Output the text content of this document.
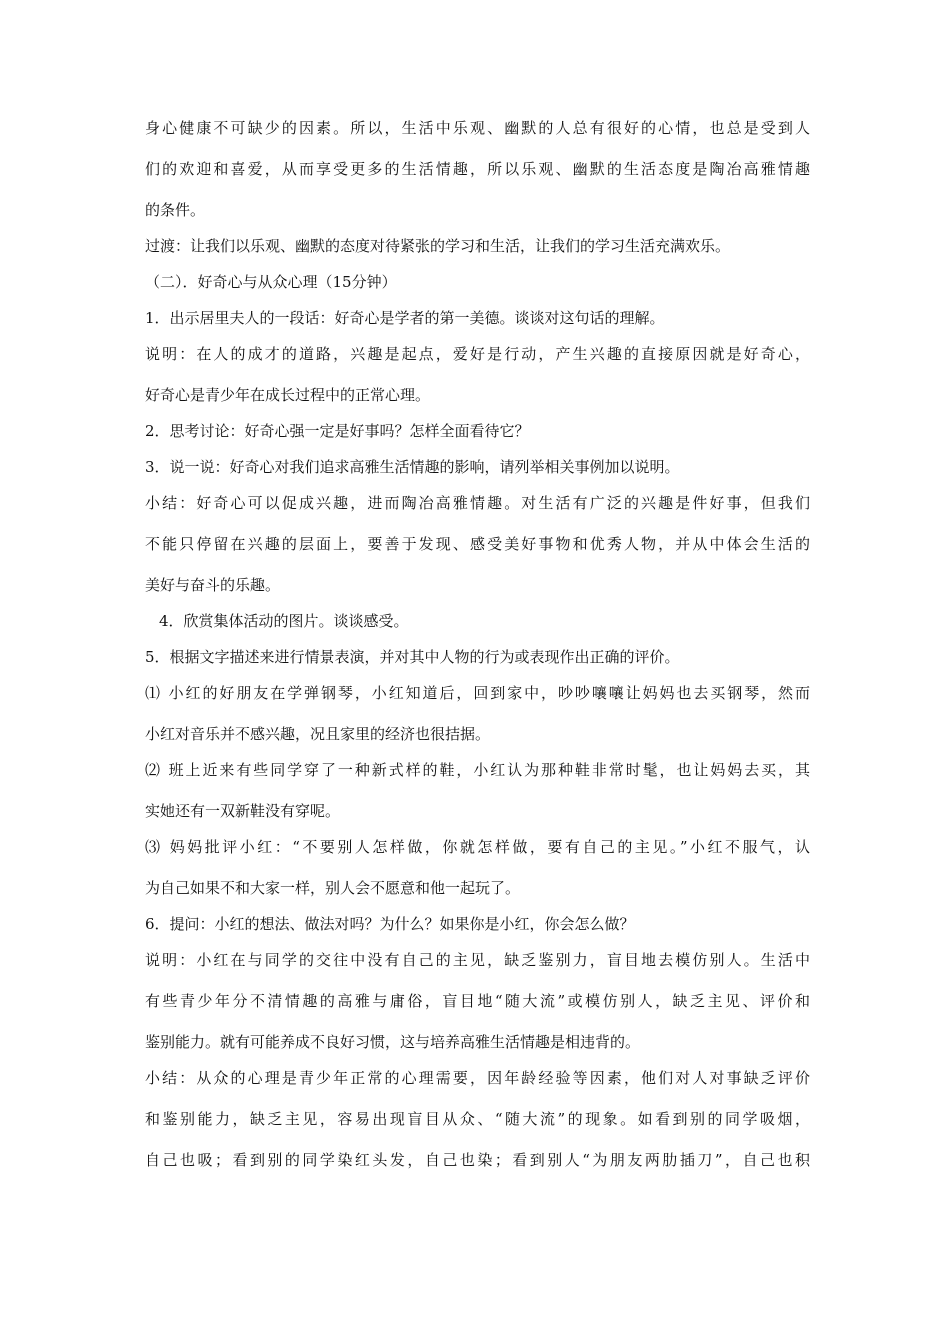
身心健康不可缺少的因素。所以，生活中乐观、幽默的人总有很好的心情，也总是受到人
们的欢迎和喜爱，从而享受更多的生活情趣，所以乐观、幽默的生活态度是陶冶高雅情趣
的条件。
过渡：让我们以乐观、幽默的态度对待紧张的学习和生活，让我们的学习生活充满欢乐。
（二）．好奇心与从众心理（15分钟）
1．出示居里夫人的一段话：好奇心是学者的第一美德。谈谈对这句话的理解。
说明：在人的成才的道路，兴趣是起点，爱好是行动，产生兴趣的直接原因就是好奇心，
好奇心是青少年在成长过程中的正常心理。
2．思考讨论：好奇心强一定是好事吗？怎样全面看待它？
3．说一说：好奇心对我们追求高雅生活情趣的影响，请列举相关事例加以说明。
小结：好奇心可以促成兴趣，进而陶冶高雅情趣。对生活有广泛的兴趣是件好事，但我们
不能只停留在兴趣的层面上，要善于发现、感受美好事物和优秀人物，并从中体会生活的
美好与奋斗的乐趣。
4．欣赏集体活动的图片。谈谈感受。
5．根据文字描述来进行情景表演，并对其中人物的行为或表现作出正确的评价。
⑴ 小红的好朋友在学弹钢琴，小红知道后，回到家中，吵吵嚷嚷让妈妈也去买钢琴，然而
小红对音乐并不感兴趣，况且家里的经济也很拮据。
⑵ 班上近来有些同学穿了一种新式样的鞋，小红认为那种鞋非常时髦，也让妈妈去买，其
实她还有一双新鞋没有穿呢。
⑶ 妈妈批评小红：“不要别人怎样做，你就怎样做，要有自己的主见。”小红不服气，认
为自己如果不和大家一样，别人会不愿意和他一起玩了。
6．提问：小红的想法、做法对吗？为什么？如果你是小红，你会怎么做？
说明：小红在与同学的交往中没有自己的主见，缺乏鉴别力，盲目地去模仿别人。生活中
有些青少年分不清情趣的高雅与庸俗，盲目地“随大流”或模仿别人，缺乏主见、评价和
鉴别能力。就有可能养成不良好习惯，这与培养高雅生活情趣是相违背的。
小结：从众的心理是青少年正常的心理需要，因年龄经验等因素，他们对人对事缺乏评价
和鉴别能力，缺乏主见，容易出现盲目从众、“随大流”的现象。如看到别的同学吸烟，
自己也吸；看到别的同学染红头发，自己也染；看到别人“为朋友两肋插刀”，自己也积
